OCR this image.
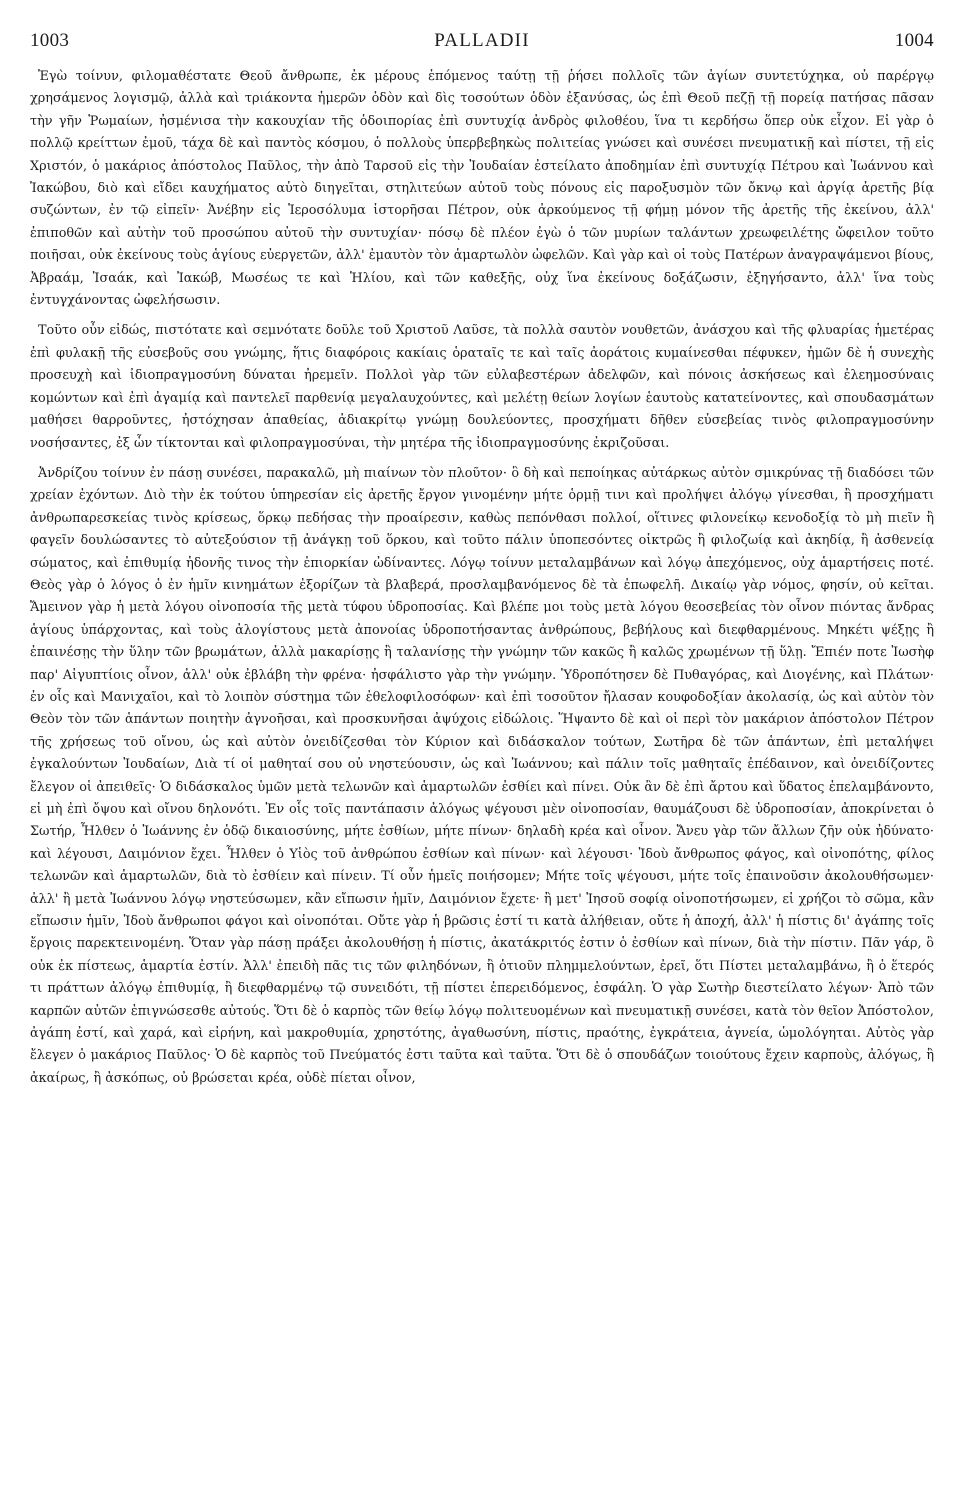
1003	PALLADII	1004

Ἐγὼ τοίνυν, φιλομαθέστατε Θεοῦ ἄνθρωπε, ἐκ μέρους ἑπόμενος ταύτῃ τῇ ῥήσει πολλοῖς τῶν ἁγίων συντετύχηκα, οὐ παρέργῳ χρησάμενος λογισμῷ, ἀλλὰ καὶ τριάκοντα ἡμερῶν ὁδὸν καὶ δὶς τοσούτων ὁδὸν ἐξανύσας, ὡς ἐπὶ Θεοῦ πεζῇ τῇ πορείᾳ πατήσας πᾶσαν τὴν γῆν Ῥωμαίων, ἠσμένισα τὴν κακουχίαν τῆς ὁδοιπορίας ἐπὶ συντυχίᾳ ἀνδρὸς φιλοθέου, ἵνα τι κερδήσω ὅπερ οὐκ εἶχον. Εἰ γὰρ ὁ πολλῷ κρείττων ἐμοῦ, τάχα δὲ καὶ παντὸς κόσμου, ὁ πολλοὺς ὑπερβεβηκὼς πολιτείας γνώσει καὶ συνέσει πνευματικῇ καὶ πίστει, τῇ εἰς Χριστόν, ὁ μακάριος ἀπόστολος Παῦλος, τὴν ἀπὸ Ταρσοῦ εἰς τὴν Ἰουδαίαν ἐστείλατο ἀποδημίαν ἐπὶ συντυχίᾳ Πέτρου καὶ Ἰωάννου καὶ Ἰακώβου, διὸ καὶ εἴδει καυχήματος αὐτὸ διηγεῖται, στηλιτεύων αὐτοῦ τοὺς πόνους εἰς παροξυσμὸν τῶν ὄκνῳ καὶ ἀργίᾳ ἀρετῆς βίᾳ συζώντων, ἐν τῷ εἰπεῖν· Ἀνέβην εἰς Ἱεροσόλυμα ἱστορῆσαι Πέτρον, οὐκ ἀρκούμενος τῇ φήμῃ μόνον τῆς ἀρετῆς τῆς ἐκείνου, ἀλλ' ἐπιποθῶν καὶ αὐτὴν τοῦ προσώπου αὐτοῦ τὴν συντυχίαν· πόσῳ δὲ πλέον ἐγὼ ὁ τῶν μυρίων ταλάντων χρεωφειλέτης ὤφειλον τοῦτο ποιῆσαι, οὐκ ἐκείνους τοὺς ἁγίους εὐεργετῶν, ἀλλ' ἐμαυτὸν τὸν ἁμαρτωλὸν ὠφελῶν. Καὶ γὰρ καὶ οἱ τοὺς Πατέρων ἀναγραψάμενοι βίους, Ἀβραάμ, Ἰσαάκ, καὶ Ἰακώβ, Μωσέως τε καὶ Ἡλίου, καὶ τῶν καθεξῆς, οὐχ ἵνα ἐκείνους δοξάζωσιν, ἐξηγήσαντο, ἀλλ' ἵνα τοὺς ἐντυγχάνοντας ὠφελήσωσιν.

Τοῦτο οὖν εἰδώς, πιστότατε καὶ σεμνότατε δοῦλε τοῦ Χριστοῦ Λαῦσε, τὰ πολλὰ σαυτὸν νουθετῶν, ἀνάσχου καὶ τῆς φλυαρίας ἡμετέρας ἐπὶ φυλακῇ τῆς εὐσεβοῦς σου γνώμης, ἥτις διαφόροις κακίαις ὁραταῖς τε καὶ ταῖς ἀοράτοις κυμαίνεσθαι πέφυκεν, ἡμῶν δὲ ἡ συνεχὴς προσευχὴ καὶ ἰδιοπραγμοσύνη δύναται ἠρεμεῖν. Πολλοὶ γὰρ τῶν εὐλαβεστέρων ἀδελφῶν, καὶ πόνοις ἀσκήσεως καὶ ἐλεημοσύναις κομώντων καὶ ἐπὶ ἀγαμίᾳ καὶ παντελεῖ παρθενίᾳ μεγαλαυχούντες, καὶ μελέτῃ θείων λογίων ἑαυτοὺς κατατείνοντες, καὶ σπουδασμάτων μαθήσει θαρροῦντες, ἠστόχησαν ἀπαθείας, ἀδιακρίτῳ γνώμῃ δουλεύοντες, προσχήματι δῆθεν εὐσεβείας τινὸς φιλοπραγμοσύνην νοσήσαντες, ἐξ ὧν τίκτονται καὶ φιλοπραγμοσύναι, τὴν μητέρα τῆς ἰδιοπραγμοσύνης ἐκριζοῦσαι.

Ἀνδρίζου τοίνυν ἐν πάσῃ συνέσει, παρακαλῶ, μὴ πιαίνων τὸν πλοῦτον· ὃ δὴ καὶ πεποίηκας αὐτάρκως αὐτὸν σμικρύνας τῇ διαδόσει τῶν χρείαν ἐχόντων. Διὸ τὴν ἐκ τούτου ὑπηρεσίαν εἰς ἀρετῆς ἔργον γινομένην μήτε ὁρμῇ τινι καὶ προλήψει ἀλόγῳ γίνεσθαι, ἢ προσχήματι ἀνθρωπαρεσκείας τινὸς κρίσεως, ὅρκῳ πεδήσας τὴν προαίρεσιν, καθὼς πεπόνθασι πολλοί, οἵτινες φιλονείκῳ κενοδοξίᾳ τὸ μὴ πιεῖν ἢ φαγεῖν δουλώσαντες τὸ αὐτεξούσιον τῇ ἀνάγκῃ τοῦ ὅρκου, καὶ τοῦτο πάλιν ὑποπεσόντες οἰκτρῶς ἢ φιλοζωίᾳ καὶ ἀκηδίᾳ, ἢ ἀσθενείᾳ σώματος, καὶ ἐπιθυμίᾳ ἡδονῆς τινος τὴν ἐπιορκίαν ὠδίναντες. Λόγῳ τοίνυν μεταλαμβάνων καὶ λόγῳ ἀπεχόμενος, οὐχ ἁμαρτήσεις ποτέ. Θεὸς γὰρ ὁ λόγος ὁ ἐν ἡμῖν κινημάτων ἐξορίζων τὰ βλαβερά, προσλαμβανόμενος δὲ τὰ ἐπωφελῆ. Δικαίῳ γὰρ νόμος, φησίν, οὐ κεῖται. Ἄμεινον γὰρ ἡ μετὰ λόγου οἰνοποσία τῆς μετὰ τύφου ὑδροποσίας. Καὶ βλέπε μοι τοὺς μετὰ λόγου θεοσεβείας τὸν οἶνον πιόντας ἄνδρας ἁγίους ὑπάρχοντας, καὶ τοὺς ἀλογίστους μετὰ ἀπονοίας ὑδροποτήσαντας ἀνθρώπους, βεβήλους καὶ διεφθαρμένους. Μηκέτι ψέξῃς ἢ ἐπαινέσῃς τὴν ὕλην τῶν βρωμάτων, ἀλλὰ μακαρίσῃς ἢ ταλανίσῃς τὴν γνώμην τῶν κακῶς ἢ καλῶς χρωμένων τῇ ὕλῃ. Ἔπιέν ποτε Ἰωσὴφ παρ' Αἰγυπτίοις οἶνον, ἀλλ' οὐκ ἐβλάβη τὴν φρένα· ἠσφάλιστο γὰρ τὴν γνώμην. Ὑδροπότησεν δὲ Πυθαγόρας, καὶ Διογένης, καὶ Πλάτων· ἐν οἷς καὶ Μανιχαῖοι, καὶ τὸ λοιπὸν σύστημα τῶν ἐθελοφιλοσόφων· καὶ ἐπὶ τοσοῦτον ἤλασαν κουφοδοξίαν ἀκολασίᾳ, ὡς καὶ αὐτὸν τὸν Θεὸν τὸν τῶν ἁπάντων ποιητὴν ἀγνοῆσαι, καὶ προσκυνῆσαι ἀψύχοις εἰδώλοις. Ἥψαντο δὲ καὶ οἱ περὶ τὸν μακάριον ἀπόστολον Πέτρον τῆς χρήσεως τοῦ οἴνου, ὡς καὶ αὐτὸν ὀνειδίζεσθαι τὸν Κύριον καὶ διδάσκαλον τούτων, Σωτῆρα δὲ τῶν ἁπάντων, ἐπὶ μεταλήψει ἐγκαλούντων Ἰουδαίων, Διὰ τί οἱ μαθηταί σου οὐ νηστεύουσιν, ὡς καὶ Ἰωάννου; καὶ πάλιν τοῖς μαθηταῖς ἐπέδαινον, καὶ ὀνειδίζοντες ἔλεγον οἱ ἀπειθεῖς· Ὁ διδάσκαλος ὑμῶν μετὰ τελωνῶν καὶ ἁμαρτωλῶν ἐσθίει καὶ πίνει. Οὐκ ἂν δὲ ἐπὶ ἄρτου καὶ ὕδατος ἐπελαμβάνοντο, εἰ μὴ ἐπὶ ὄψου καὶ οἴνου δηλονότι. Ἐν οἷς τοῖς παντάπασιν ἀλόγως ψέγουσι μὲν οἰνοποσίαν, θαυμάζουσι δὲ ὑδροποσίαν, ἀποκρίνεται ὁ Σωτήρ, Ἦλθεν ὁ Ἰωάννης ἐν ὁδῷ δικαιοσύνης, μήτε ἐσθίων, μήτε πίνων· δηλαδὴ κρέα καὶ οἶνον. Ἄνευ γὰρ τῶν ἄλλων ζῆν οὐκ ἠδύνατο· καὶ λέγουσι, Δαιμόνιον ἔχει. Ἦλθεν ὁ Υἱὸς τοῦ ἀνθρώπου ἐσθίων καὶ πίνων· καὶ λέγουσι· Ἰδοὺ ἄνθρωπος φάγος, καὶ οἰνοπότης, φίλος τελωνῶν καὶ ἁμαρτωλῶν, διὰ τὸ ἐσθίειν καὶ πίνειν. Τί οὖν ἡμεῖς ποιήσομεν; Μήτε τοῖς ψέγουσι, μήτε τοῖς ἐπαινοῦσιν ἀκολουθήσωμεν· ἀλλ' ἢ μετὰ Ἰωάννου λόγῳ νηστεύσωμεν, κἂν εἴπωσιν ἡμῖν, Δαιμόνιον ἔχετε· ἢ μετ' Ἰησοῦ σοφίᾳ οἰνοποτήσωμεν, εἰ χρήζοι τὸ σῶμα, κἂν εἴπωσιν ἡμῖν, Ἰδοὺ ἄνθρωποι φάγοι καὶ οἰνοπόται. Οὔτε γὰρ ἡ βρῶσις ἐστί τι κατὰ ἀλήθειαν, οὔτε ἡ ἀποχή, ἀλλ' ἡ πίστις δι' ἀγάπης τοῖς ἔργοις παρεκτεινομένη. Ὅταν γὰρ πάσῃ πράξει ἀκολουθήσῃ ἡ πίστις, ἀκατάκριτός ἐστιν ὁ ἐσθίων καὶ πίνων, διὰ τὴν πίστιν. Πᾶν γάρ, ὃ οὐκ ἐκ πίστεως, ἁμαρτία ἐστίν. Ἀλλ' ἐπειδὴ πᾶς τις τῶν φιληδόνων, ἢ ὁτιοῦν πλημμελούντων, ἐρεῖ, ὅτι Πίστει μεταλαμβάνω, ἢ ὁ ἕτερός τι πράττων ἀλόγῳ ἐπιθυμίᾳ, ἢ διεφθαρμένῳ τῷ συνειδότι, τῇ πίστει ἐπερειδόμενος, ἐσφάλη. Ὁ γὰρ Σωτὴρ διεστείλατο λέγων· Ἀπὸ τῶν καρπῶν αὐτῶν ἐπιγνώσεσθε αὐτούς. Ὅτι δὲ ὁ καρπὸς τῶν θείῳ λόγῳ πολιτευομένων καὶ πνευματικῇ συνέσει, κατὰ τὸν θεῖον Ἀπόστολον, ἀγάπη ἐστί, καὶ χαρά, καὶ εἰρήνη, καὶ μακροθυμία, χρηστότης, ἀγαθωσύνη, πίστις, πραότης, ἐγκράτεια, ἁγνεία, ὡμολόγηται. Αὐτὸς γὰρ ἔλεγεν ὁ μακάριος Παῦλος· Ὁ δὲ καρπὸς τοῦ Πνεύματός ἐστι ταῦτα καὶ ταῦτα. Ὅτι δὲ ὁ σπουδάζων τοιούτους ἔχειν καρποὺς, ἀλόγως, ἢ ἀκαίρως, ἢ ἀσκόπως, οὐ βρώσεται κρέα, οὐδὲ πίεται οἶνον,
